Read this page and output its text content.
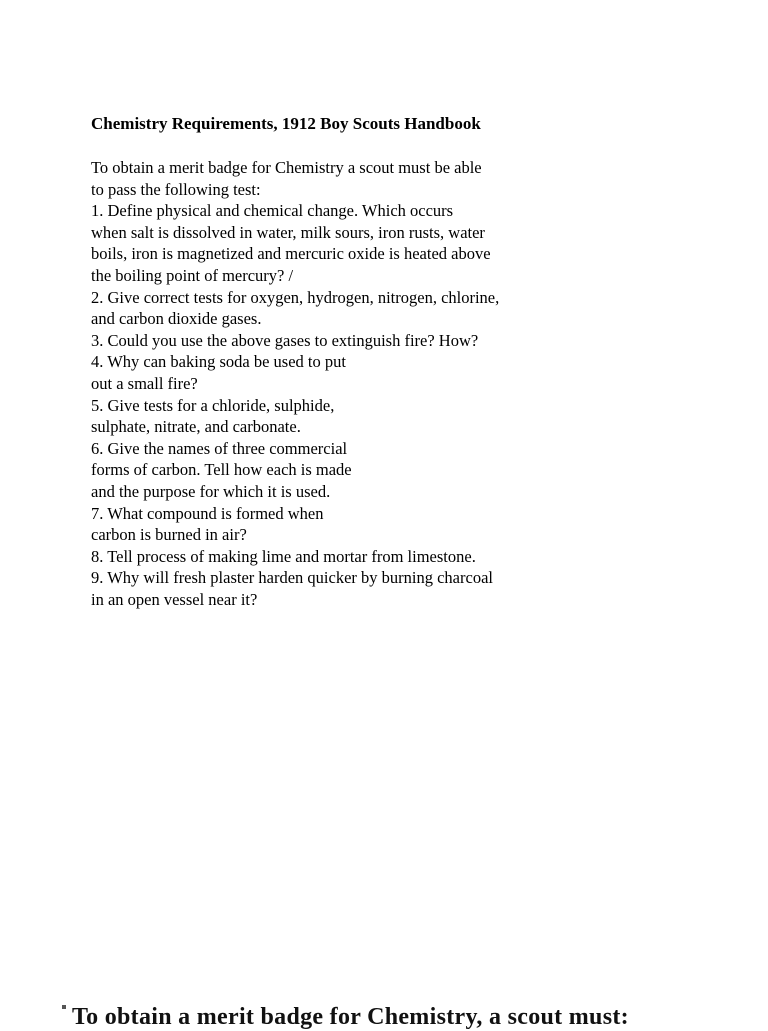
Chemistry Requirements, 1912 Boy Scouts Handbook
To obtain a merit badge for Chemistry a scout must be able
to pass the following test:
1. Define physical and chemical change. Which occurs
when salt is dissolved in water, milk sours, iron rusts, water
boils, iron is magnetized and mercuric oxide is heated above
the boiling point of mercury? /
2. Give correct tests for oxygen, hydrogen, nitrogen, chlorine,
and carbon dioxide gases.
3. Could you use the above gases to extinguish fire? How?
4. Why can baking soda be used to put
out a small fire?
5. Give tests for a chloride, sulphide,
sulphate, nitrate, and carbonate.
6. Give the names of three commercial
forms of carbon. Tell how each is made
and the purpose for which it is used.
7. What compound is formed when
carbon is burned in air?
8. Tell process of making lime and mortar from limestone.
9. Why will fresh plaster harden quicker by burning charcoal
in an open vessel near it?
To obtain a merit badge for Chemistry, a scout must:
